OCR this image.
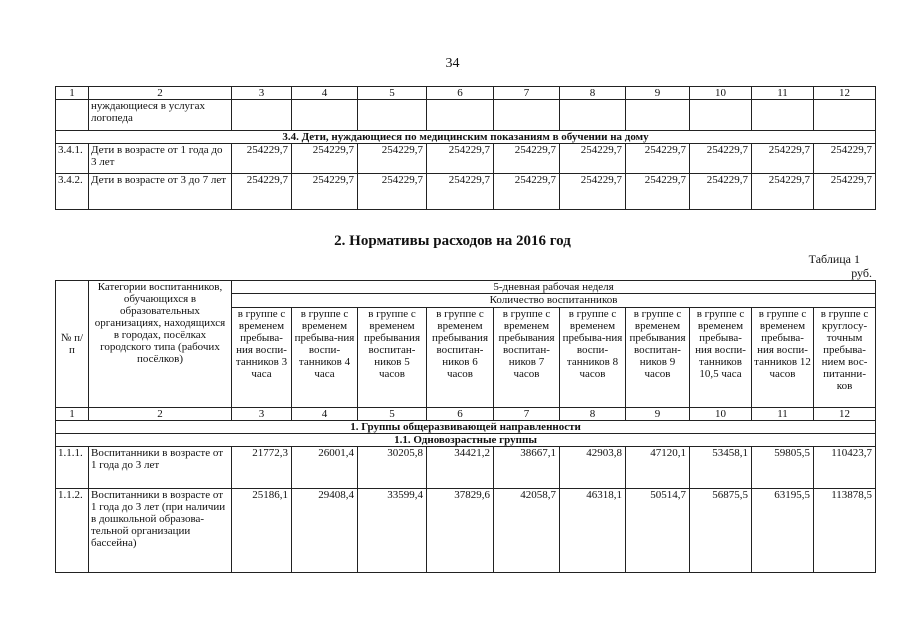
34
1	2	3	4	5	6	7	8	9	10	11	12
	нуждающиеся в услугах логопеда										
3.4. Дети, нуждающиеся по медицинским показаниям в обучении на дому											
3.4.1.	Дети в возрасте от 1 года до 3 лет	254229,7	254229,7	254229,7	254229,7	254229,7	254229,7	254229,7	254229,7	254229,7	254229,7
3.4.2.	Дети в возрасте от 3 до 7 лет	254229,7	254229,7	254229,7	254229,7	254229,7	254229,7	254229,7	254229,7	254229,7	254229,7
2. Нормативы расходов на 2016 год
Таблица 1
руб.
№ п/п	Категории воспитанников, обучающихся в образовательных организациях, находящихся в городах, посёлках городского типа (рабочих посёлков)	5-дневная рабочая неделя									
		Количество воспитанников									
		в группе с временем пребыва-ния воспи-танников 3 часа	в группе с временем пребыва-ния воспи-танников 4 часа	в группе с временем пребывания воспитан-ников 5 часов	в группе с временем пребывания воспитан-ников 6 часов	в группе с временем пребывания воспитан-ников 7 часов	в группе с временем пребыва-ния воспи-танников 8 часов	в группе с временем пребывания воспитан-ников 9 часов	в группе с временем пребыва-ния воспи-танников 10,5 часа	в группе с временем пребыва-ния воспи-танников 12 часов	в группе с круглосу-точным пребыва-нием вос-питанни-ков
1	2	3	4	5	6	7	8	9	10	11	12
1. Группы общеразвивающей направленности											
1.1. Одновозрастные группы											
1.1.1.	Воспитанники в возрасте от 1 года до 3 лет	21772,3	26001,4	30205,8	34421,2	38667,1	42903,8	47120,1	53458,1	59805,5	110423,7
1.1.2.	Воспитанники в возрасте от 1 года до 3 лет (при наличии в дошкольной образова-тельной организации бассейна)	25186,1	29408,4	33599,4	37829,6	42058,7	46318,1	50514,7	56875,5	63195,5	113878,5
